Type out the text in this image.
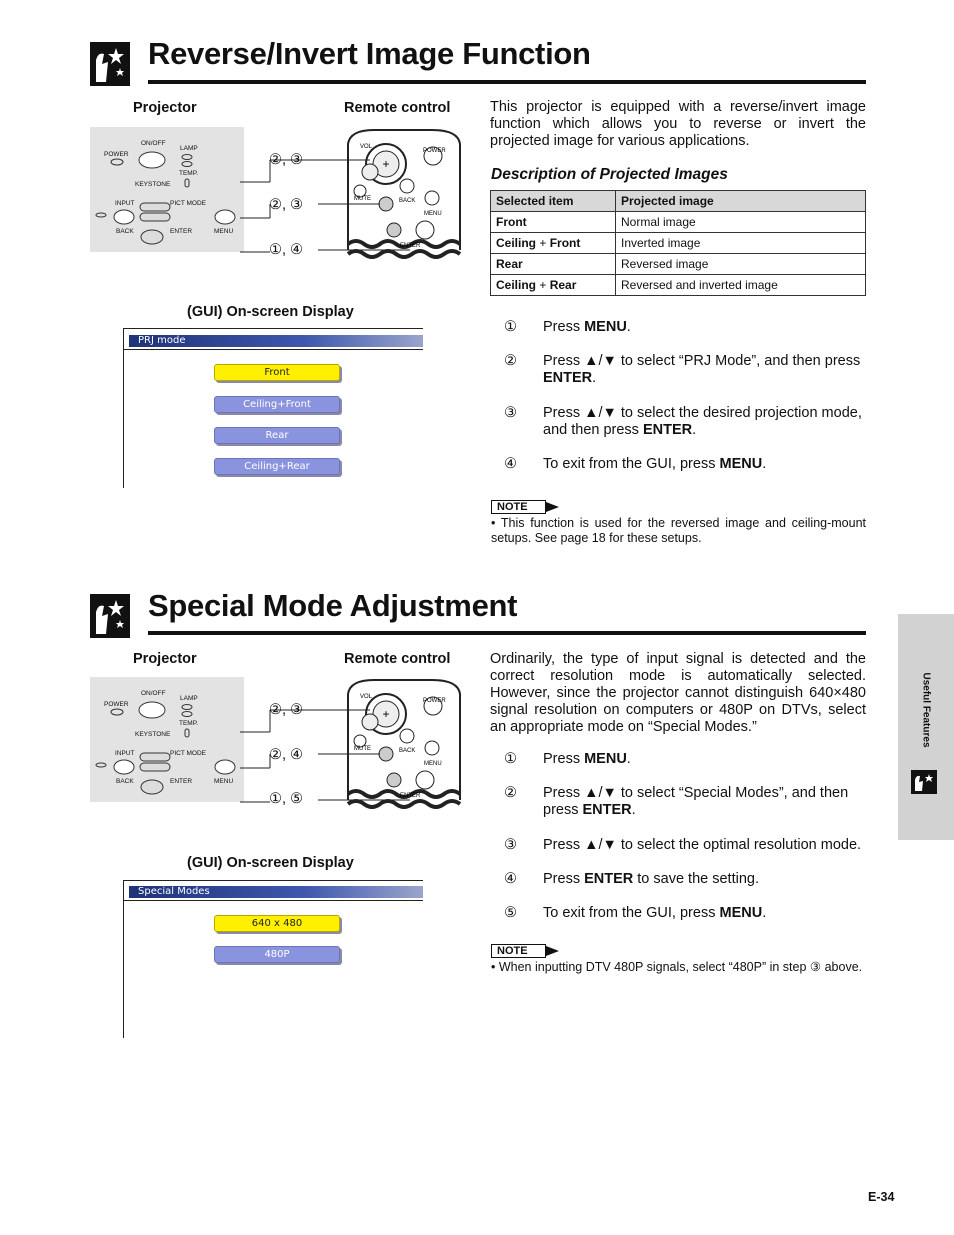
Reverse/Invert Image Function
Projector	Remote control
ON/OFF
POWER
LAMP
TEMP.
KEYSTONE
INPUT	PICT MODE
BACK	ENTER	MENU
+
VOL
POWER
MUTE	BACK
MENU
ENTER
②, ③
②, ③
①, ④
(GUI) On-screen Display
PRJ mode
Front
Ceiling+Front
Rear
Ceiling+Rear
This projector is equipped with a reverse/invert image function which allows you to reverse or invert the projected image for various applications.
Description of Projected Images
Selected item	Projected image
Front	Normal image
Ceiling + Front	Inverted image
Rear	Reversed image
Ceiling + Rear	Reversed and inverted image
① Press MENU.
② Press ▲/▼ to select “PRJ Mode”, and then press ENTER.
③ Press ▲/▼ to select the desired projection mode, and then press ENTER.
④ To exit from the GUI, press MENU.
NOTE
• This function is used for the reversed image and ceiling-mount setups. See page 18 for these setups.
Special Mode Adjustment
Projector	Remote control
ON/OFF
POWER
LAMP
TEMP.
KEYSTONE
INPUT	PICT MODE
BACK	ENTER	MENU
+
VOL
POWER
MUTE	BACK
MENU
ENTER
②, ③
②, ④
①, ⑤
(GUI) On-screen Display
Special Modes
640 x 480
480P
Ordinarily, the type of input signal is detected and the correct resolution mode is automatically selected. However, since the projector cannot distinguish 640×480 signal resolution on computers or 480P on DTVs, select an appropriate mode on “Special Modes.”
① Press MENU.
② Press ▲/▼ to select “Special Modes”, and then press ENTER.
③ Press ▲/▼ to select the optimal resolution mode.
④ Press ENTER to save the setting.
⑤ To exit from the GUI, press MENU.
NOTE
• When inputting DTV 480P signals, select “480P” in step ③ above.
Useful Features
E-34
